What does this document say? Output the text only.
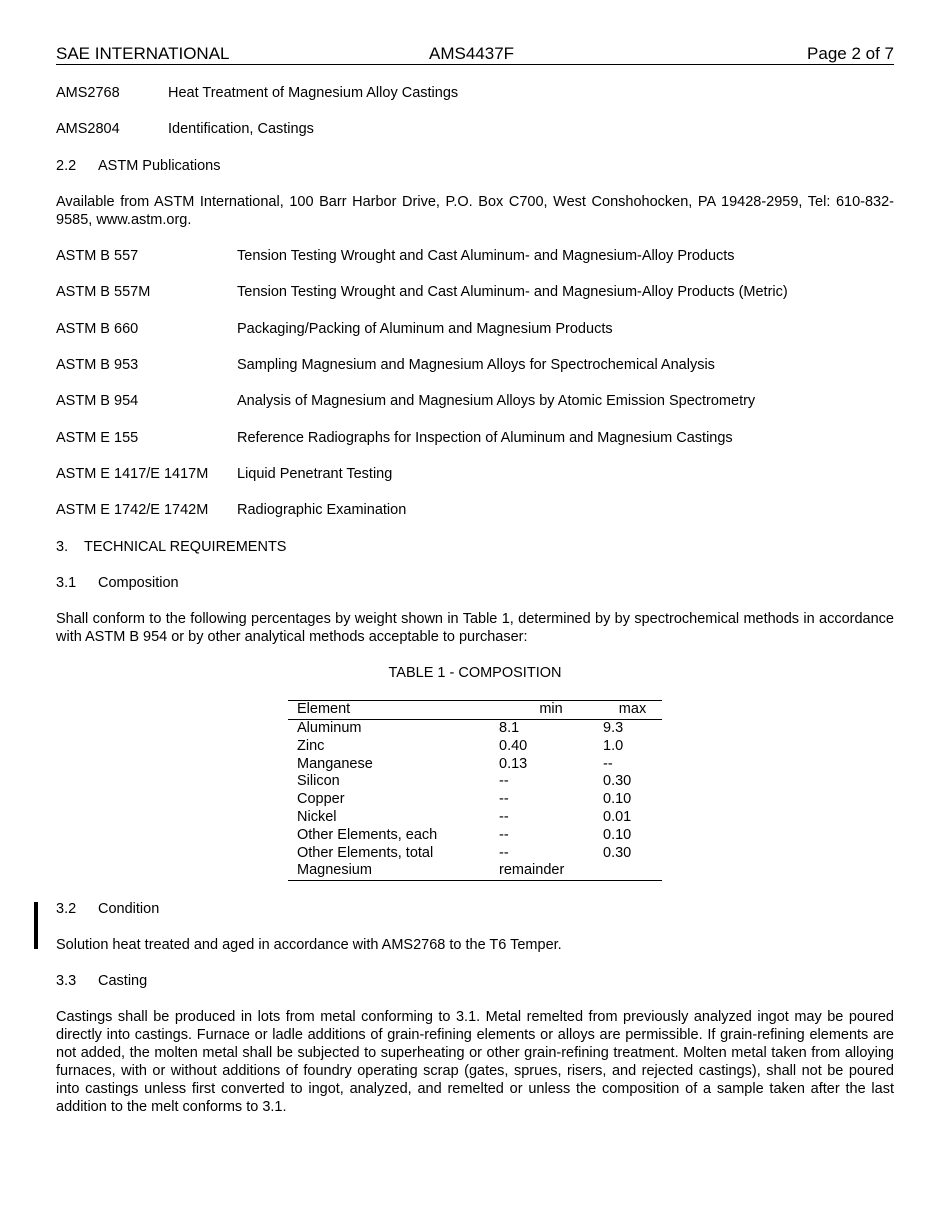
SAE INTERNATIONAL	AMS4437F	Page 2 of 7
AMS2768	Heat Treatment of Magnesium Alloy Castings
AMS2804	Identification, Castings
2.2 ASTM Publications
Available from ASTM International, 100 Barr Harbor Drive, P.O. Box C700, West Conshohocken, PA 19428-2959, Tel: 610-832-9585, www.astm.org.
ASTM B 557	Tension Testing Wrought and Cast Aluminum- and Magnesium-Alloy Products
ASTM B 557M	Tension Testing Wrought and Cast Aluminum- and Magnesium-Alloy Products (Metric)
ASTM B 660	Packaging/Packing of Aluminum and Magnesium Products
ASTM B 953	Sampling Magnesium and Magnesium Alloys for Spectrochemical Analysis
ASTM B 954	Analysis of Magnesium and Magnesium Alloys by Atomic Emission Spectrometry
ASTM E 155	Reference Radiographs for Inspection of Aluminum and Magnesium Castings
ASTM E 1417/E 1417M Liquid Penetrant Testing
ASTM E 1742/E 1742M Radiographic Examination
3. TECHNICAL REQUIREMENTS
3.1 Composition
Shall conform to the following percentages by weight shown in Table 1, determined by by spectrochemical methods in accordance with ASTM B 954 or by other analytical methods acceptable to purchaser:
TABLE 1 - COMPOSITION
Element	min	max
Aluminum	8.1	9.3
Zinc	0.40	1.0
Manganese	0.13	--
Silicon	--	0.30
Copper	--	0.10
Nickel	--	0.01
Other Elements, each	--	0.10
Other Elements, total	--	0.30
Magnesium	remainder	
3.2 Condition
Solution heat treated and aged in accordance with AMS2768 to the T6 Temper.
3.3 Casting
Castings shall be produced in lots from metal conforming to 3.1. Metal remelted from previously analyzed ingot may be poured directly into castings. Furnace or ladle additions of grain-refining elements or alloys are permissible. If grain-refining elements are not added, the molten metal shall be subjected to superheating or other grain-refining treatment. Molten metal taken from alloying furnaces, with or without additions of foundry operating scrap (gates, sprues, risers, and rejected castings), shall not be poured into castings unless first converted to ingot, analyzed, and remelted or unless the composition of a sample taken after the last addition to the melt conforms to 3.1.
